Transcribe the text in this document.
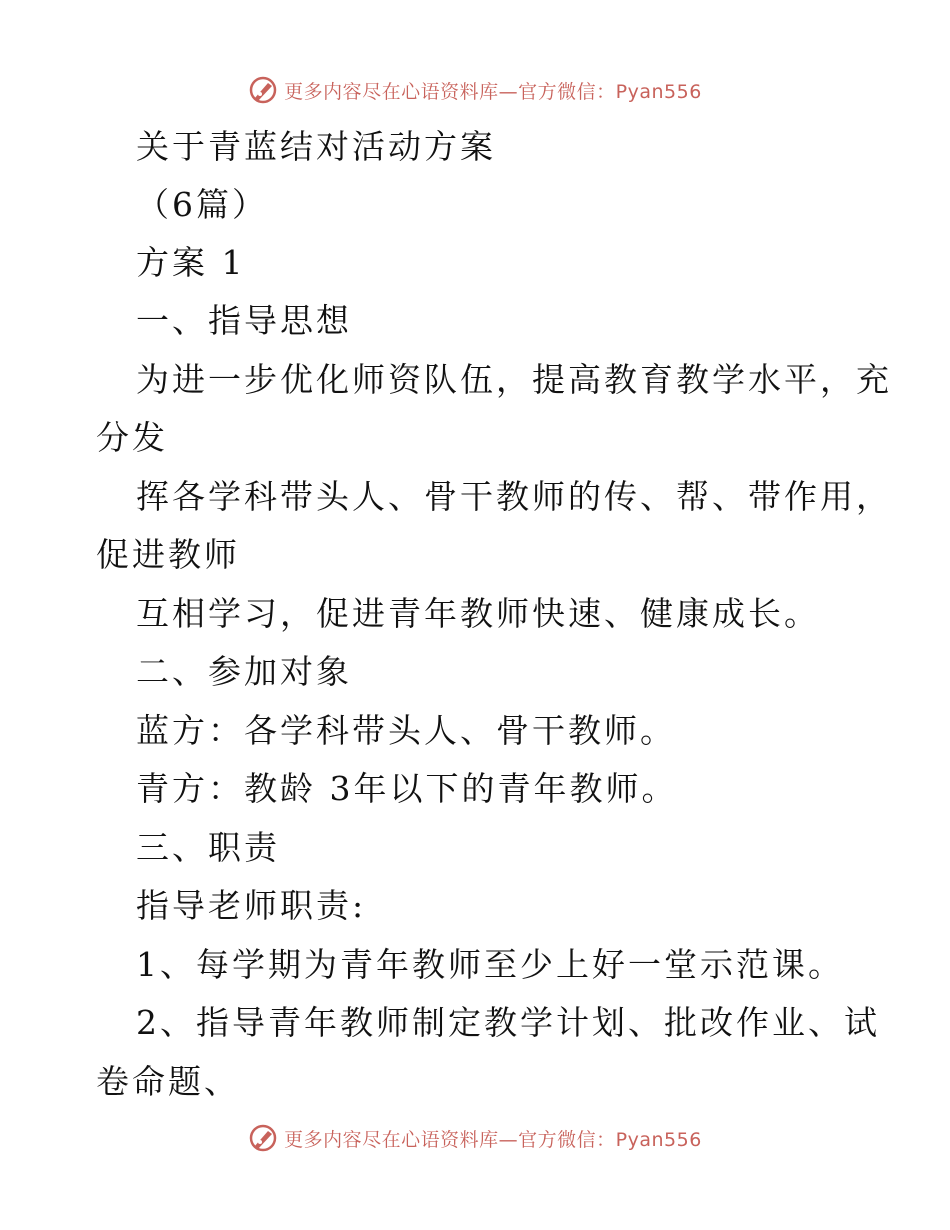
更多内容尽在心语资料库—官方微信：Pyan556
关于青蓝结对活动方案
（6篇）
方案 1
一、指导思想
为进一步优化师资队伍，提高教育教学水平，充
分发
挥各学科带头人、骨干教师的传、帮、带作用，
促进教师
互相学习，促进青年教师快速、健康成长。
二、参加对象
蓝方：各学科带头人、骨干教师。
青方：教龄 3年以下的青年教师。
三、职责
指导老师职责:
1、每学期为青年教师至少上好一堂示范课。
2、指导青年教师制定教学计划、批改作业、试
卷命题、
更多内容尽在心语资料库—官方微信：Pyan556
